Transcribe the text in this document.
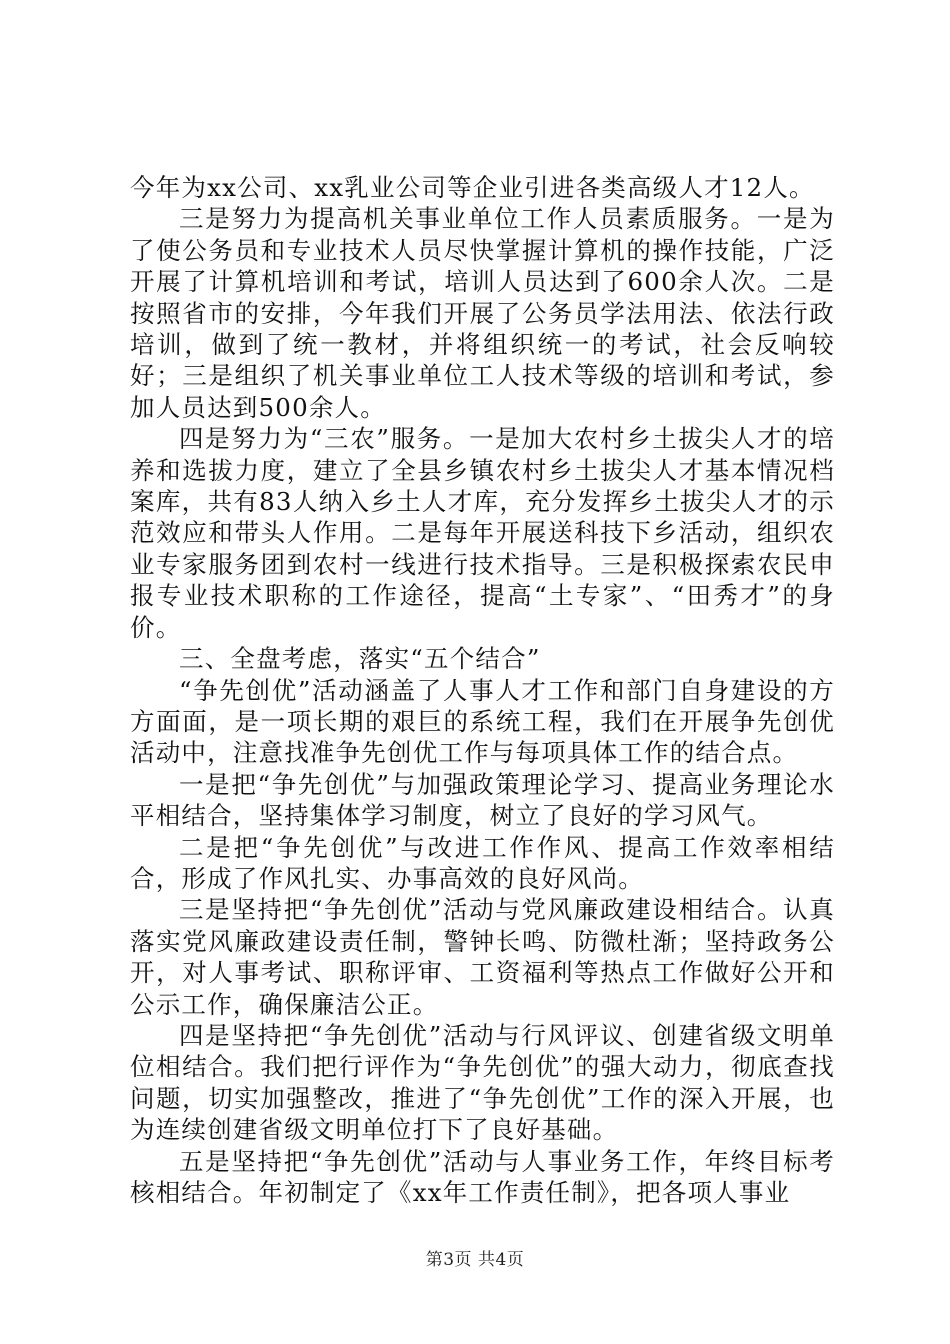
今年为xx公司、xx乳业公司等企业引进各类高级人才12人。

三是努力为提高机关事业单位工作人员素质服务。一是为了使公务员和专业技术人员尽快掌握计算机的操作技能，广泛开展了计算机培训和考试，培训人员达到了600余人次。二是按照省市的安排，今年我们开展了公务员学法用法、依法行政培训，做到了统一教材，并将组织统一的考试，社会反响较好；三是组织了机关事业单位工人技术等级的培训和考试，参加人员达到500余人。

四是努力为“三农”服务。一是加大农村乡土拔尖人才的培养和选拔力度，建立了全县乡镇农村乡土拔尖人才基本情况档案库，共有83人纳入乡土人才库，充分发挥乡土拔尖人才的示范效应和带头人作用。二是每年开展送科技下乡活动，组织农业专家服务团到农村一线进行技术指导。三是积极探索农民申报专业技术职称的工作途径，提高“土专家”、“田秀才”的身价。

三、全盘考虑，落实“五个结合”

“争先创优”活动涵盖了人事人才工作和部门自身建设的方方面面，是一项长期的艰巨的系统工程，我们在开展争先创优活动中，注意找准争先创优工作与每项具体工作的结合点。

一是把“争先创优”与加强政策理论学习、提高业务理论水平相结合，坚持集体学习制度，树立了良好的学习风气。

二是把“争先创优”与改进工作作风、提高工作效率相结合，形成了作风扎实、办事高效的良好风尚。

三是坚持把“争先创优”活动与党风廉政建设相结合。认真落实党风廉政建设责任制，警钟长鸣、防微杜渐；坚持政务公开，对人事考试、职称评审、工资福利等热点工作做好公开和公示工作，确保廉洁公正。

四是坚持把“争先创优”活动与行风评议、创建省级文明单位相结合。我们把行评作为“争先创优”的强大动力，彻底查找问题，切实加强整改，推进了“争先创优”工作的深入开展，也为连续创建省级文明单位打下了良好基础。

五是坚持把“争先创优”活动与人事业务工作，年终目标考核相结合。年初制定了《xx年工作责任制》，把各项人事业

第3页 共4页
